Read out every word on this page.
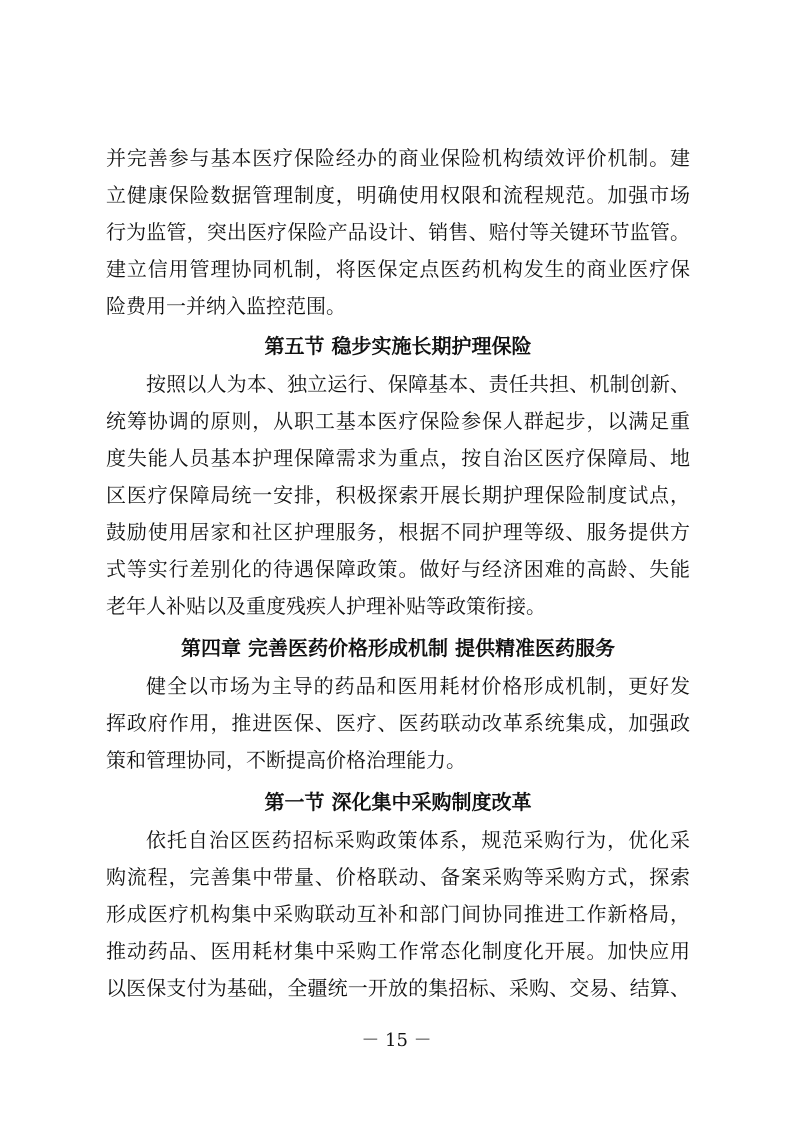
并完善参与基本医疗保险经办的商业保险机构绩效评价机制。建
立健康保险数据管理制度，明确使用权限和流程规范。加强市场
行为监管，突出医疗保险产品设计、销售、赔付等关键环节监管。
建立信用管理协同机制，将医保定点医药机构发生的商业医疗保
险费用一并纳入监控范围。
第五节 稳步实施长期护理保险
按照以人为本、独立运行、保障基本、责任共担、机制创新、
统筹协调的原则，从职工基本医疗保险参保人群起步，以满足重
度失能人员基本护理保障需求为重点，按自治区医疗保障局、地
区医疗保障局统一安排，积极探索开展长期护理保险制度试点，
鼓励使用居家和社区护理服务，根据不同护理等级、服务提供方
式等实行差别化的待遇保障政策。做好与经济困难的高龄、失能
老年人补贴以及重度残疾人护理补贴等政策衔接。
第四章 完善医药价格形成机制 提供精准医药服务
健全以市场为主导的药品和医用耗材价格形成机制，更好发
挥政府作用，推进医保、医疗、医药联动改革系统集成，加强政
策和管理协同，不断提高价格治理能力。
第一节 深化集中采购制度改革
依托自治区医药招标采购政策体系，规范采购行为，优化采
购流程，完善集中带量、价格联动、备案采购等采购方式，探索
形成医疗机构集中采购联动互补和部门间协同推进工作新格局，
推动药品、医用耗材集中采购工作常态化制度化开展。加快应用
以医保支付为基础，全疆统一开放的集招标、采购、交易、结算、
－ 15 －
